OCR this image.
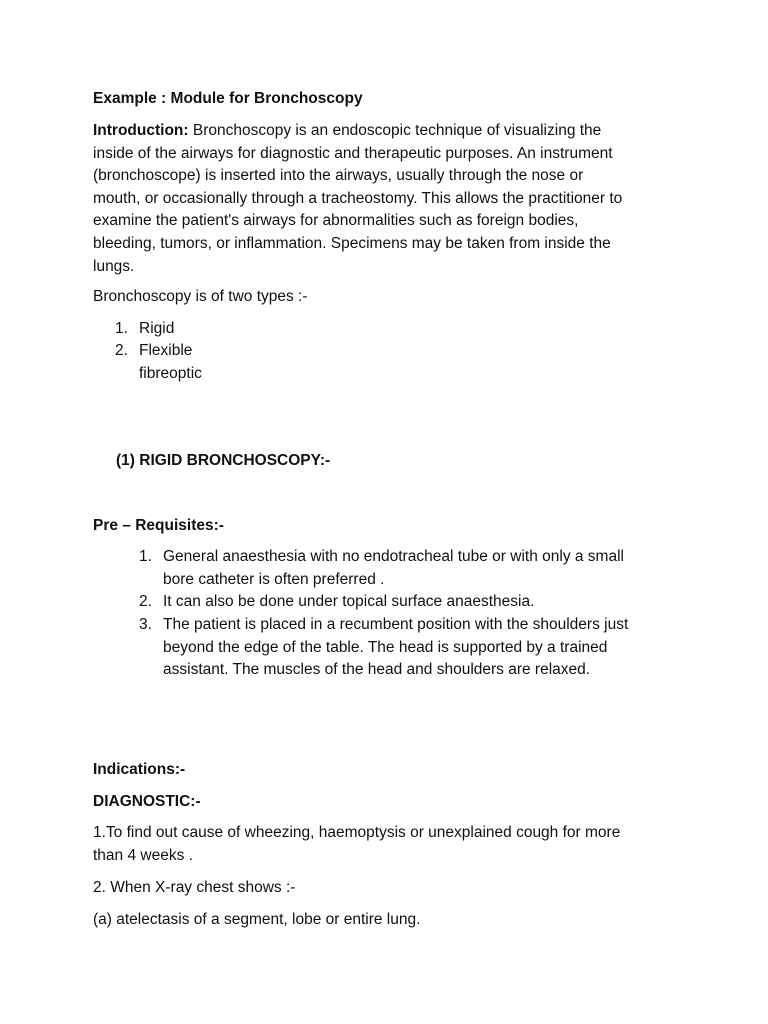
Example : Module for Bronchoscopy
Introduction: Bronchoscopy is an endoscopic technique of visualizing the
inside of the airways for diagnostic and therapeutic purposes. An instrument
(bronchoscope) is inserted into the airways, usually through the nose or
mouth, or occasionally through a tracheostomy. This allows the practitioner to
examine the patient's airways for abnormalities such as foreign bodies,
bleeding, tumors, or inflammation. Specimens may be taken from inside the
lungs.
Bronchoscopy is of two types :-
1. Rigid
2. Flexible fibreoptic
(1) RIGID BRONCHOSCOPY:-
Pre – Requisites:-
1. General anaesthesia with no endotracheal tube or with only a small
bore catheter is often preferred .
2. It can also be done under topical surface anaesthesia.
3. The patient is placed in a recumbent position with the shoulders just
beyond the edge of the table. The head is supported by a trained
assistant. The muscles of the head and shoulders are relaxed.
Indications:-
DIAGNOSTIC:-
1.To find out cause of wheezing, haemoptysis or unexplained cough for more
than 4 weeks .
2. When X-ray chest shows :-
(a) atelectasis of a segment, lobe or entire lung.
